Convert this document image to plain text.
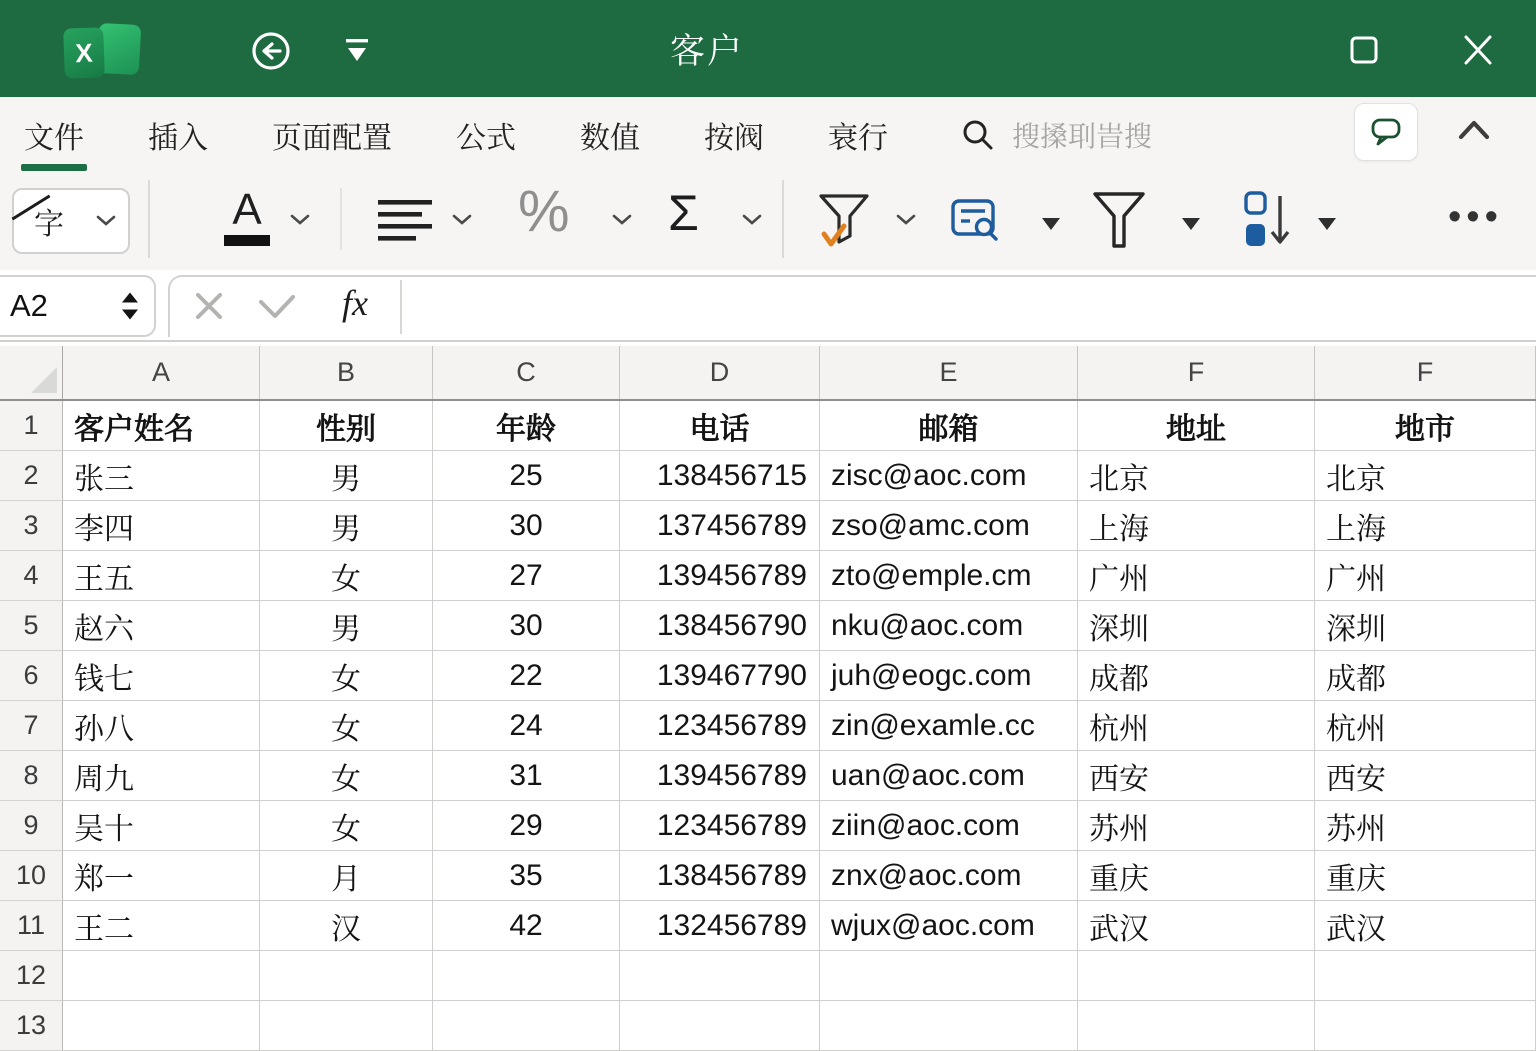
X	客户
文件 插入 页面配置 公式 数值 按阀 衰行	搜搡刵旹搜
字	A	% Σ	•••
A2	fx
A	B	C	D	E	F	F
1	客户姓名	性别	年龄	电话	邮箱	地址	地市
2	张三	男	25	138456715 zisc@aoc.com	北京	北京
3	李四	男	30	137456789 zso@amc.com	上海	上海
4	王五	女	27	139456789 zto@emple.cm	广州	广州
5	赵六	男	30	138456790 nku@aoc.com	深圳	深圳
6	钱七	女	22	139467790 juh@eogc.com	成都	成都
7	孙八	女	24	123456789 zin@examle.cc	杭州	杭州
8	周九	女	31	139456789 uan@aoc.com	西安	西安
9	吴十	女	29	123456789 ziin@aoc.com	苏州	苏州
10 郑一	月	35	138456789 znx@aoc.com	重庆	重庆
11 王二	汉	42	132456789 wjux@aoc.com	武汉	武汉
12
13
